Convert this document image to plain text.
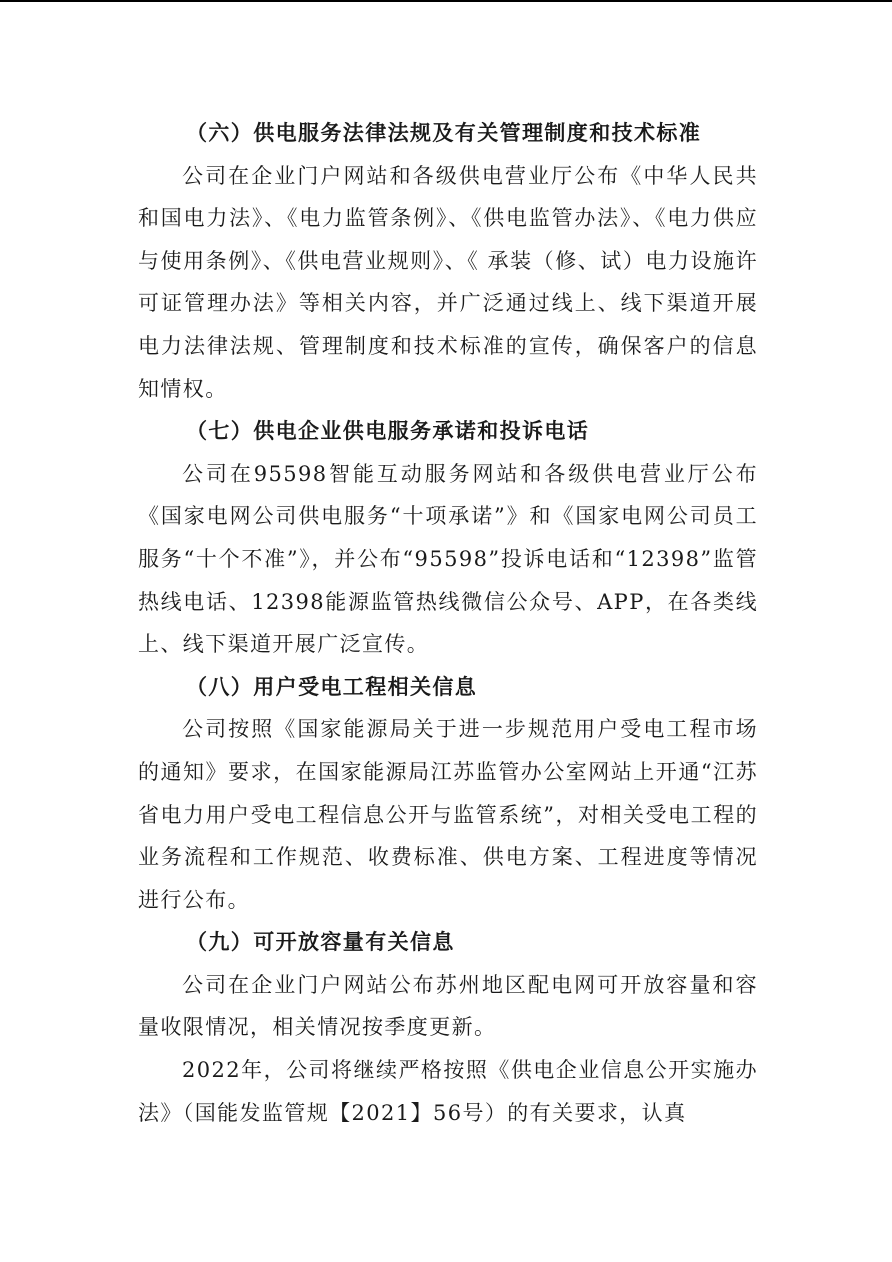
（六）供电服务法律法规及有关管理制度和技术标准

公司在企业门户网站和各级供电营业厅公布《中华人民共和国电力法》、《电力监管条例》、《供电监管办法》、《电力供应与使用条例》、《供电营业规则》、《 承装（修、试）电力设施许可证管理办法》等相关内容，并广泛通过线上、线下渠道开展电力法律法规、管理制度和技术标准的宣传，确保客户的信息知情权。

（七）供电企业供电服务承诺和投诉电话

公司在95598智能互动服务网站和各级供电营业厅公布《国家电网公司供电服务“十项承诺”》和《国家电网公司员工服务“十个不准”》，并公布“95598”投诉电话和“12398”监管热线电话、12398能源监管热线微信公众号、APP，在各类线上、线下渠道开展广泛宣传。

（八）用户受电工程相关信息

公司按照《国家能源局关于进一步规范用户受电工程市场的通知》要求，在国家能源局江苏监管办公室网站上开通“江苏省电力用户受电工程信息公开与监管系统”，对相关受电工程的业务流程和工作规范、收费标准、供电方案、工程进度等情况进行公布。

（九）可开放容量有关信息

公司在企业门户网站公布苏州地区配电网可开放容量和容量收限情况，相关情况按季度更新。

2022年，公司将继续严格按照《供电企业信息公开实施办法》（国能发监管规【2021】56号）的有关要求，认真
